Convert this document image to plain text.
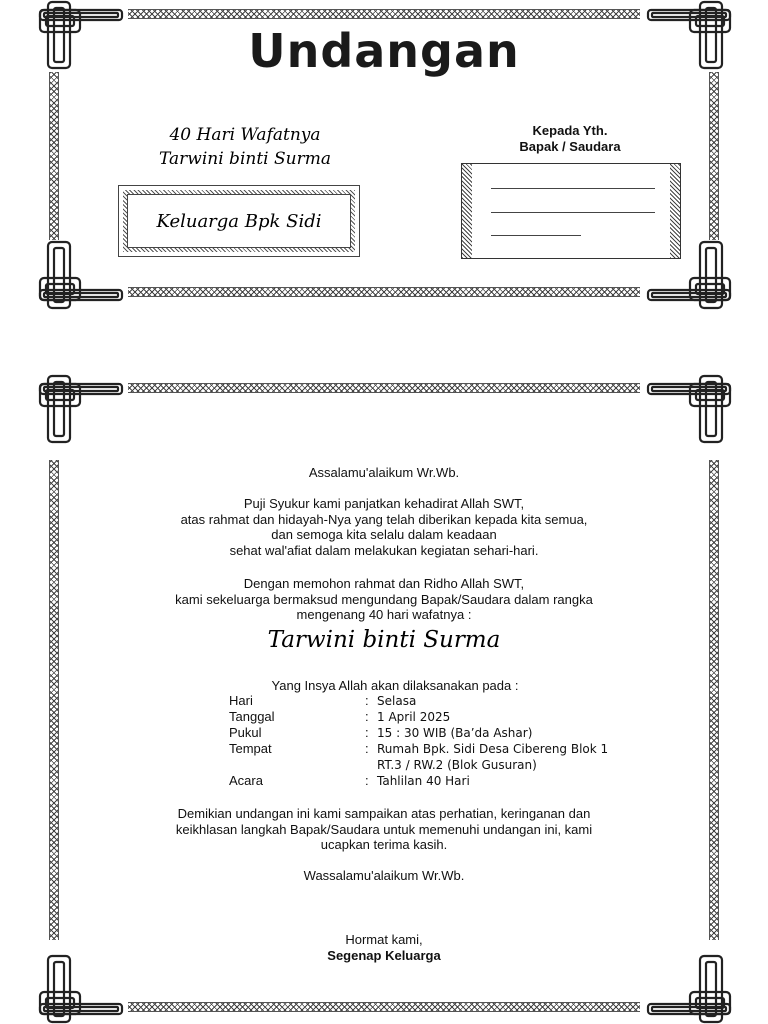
Undangan
40 Hari Wafatnya
Tarwini binti Surma
Keluarga Bpk Sidi
Kepada Yth.
Bapak / Saudara
Assalamu'alaikum Wr.Wb.
Puji Syukur kami panjatkan kehadirat Allah SWT,
atas rahmat dan hidayah-Nya yang telah diberikan kepada kita semua,
dan semoga kita selalu dalam keadaan
sehat wal'afiat dalam melakukan kegiatan sehari-hari.
Dengan memohon rahmat dan Ridho Allah SWT,
kami sekeluarga bermaksud mengundang Bapak/Saudara dalam rangka
mengenang 40 hari wafatnya :
Tarwini binti Surma
Yang Insya Allah akan dilaksanakan pada :
Hari	: Selasa
Tanggal	: 1 April 2025
Pukul	: 15 : 30 WIB (Ba’da Ashar)
Tempat	: Rumah Bpk. Sidi Desa Cibereng Blok 1
RT.3 / RW.2 (Blok Gusuran)
Acara	: Tahlilan 40 Hari
Demikian undangan ini kami sampaikan atas perhatian, keringanan dan
keikhlasan langkah Bapak/Saudara untuk memenuhi undangan ini, kami
ucapkan terima kasih.
Wassalamu'alaikum Wr.Wb.
Hormat kami,
Segenap Keluarga
